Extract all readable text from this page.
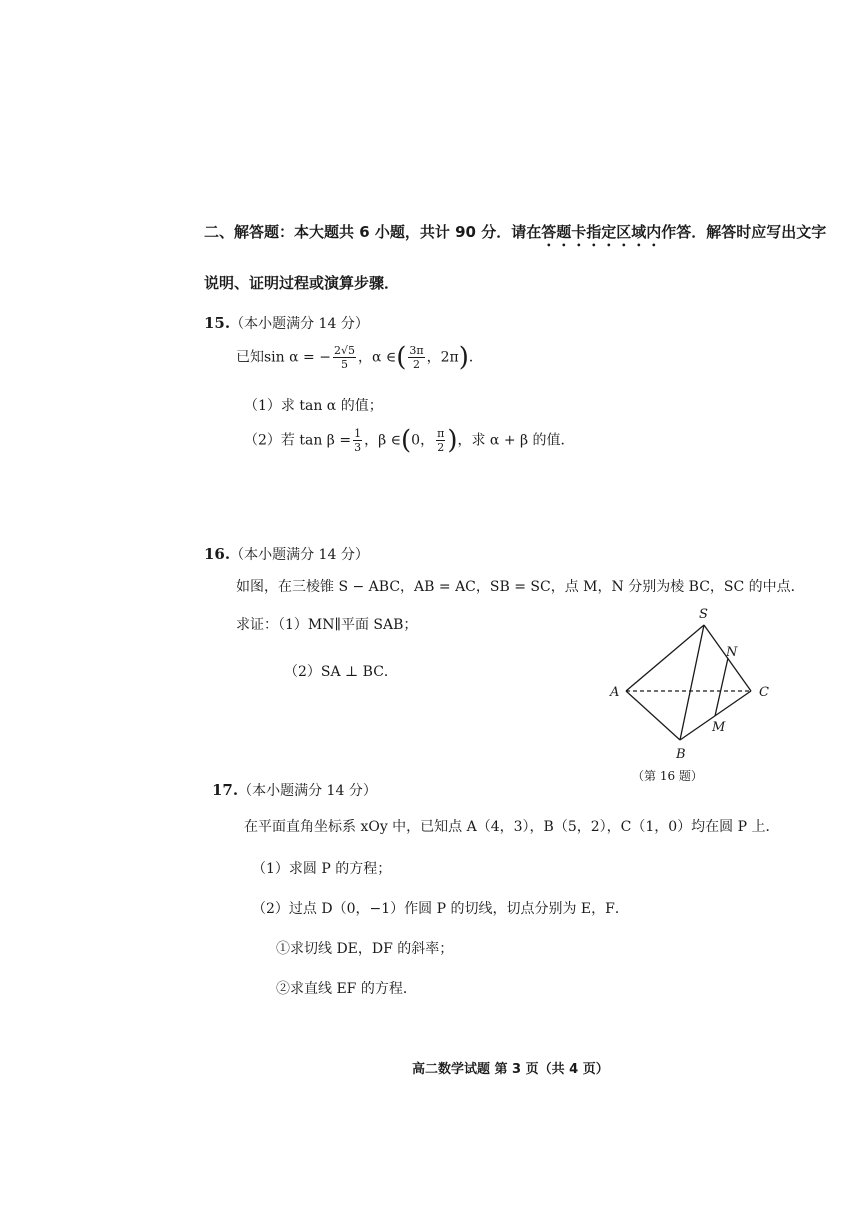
二、解答题：本大题共 6 小题，共计 90 分．请在答题卡指定区域内作答．解答时应写出文字
说明、证明过程或演算步骤．
15.（本小题满分 14 分）
已知sin α = − $\frac{2√5}{5}$ ，α ∈( $\frac{3\pi}{2}$ ，2π)．
（1）求 tan α 的值；
（2）若 $\tan \beta = \frac{1}{3}$ ，β ∈(0， $\frac{\pi}{2}$ )，求 α + β 的值．
16.（本小题满分 14 分）
如图，在三棱锥 S − ABC，AB = AC，SB = SC，点 M，N 分别为棱 BC，SC 的中点．
求证：（1）MN∥平面 SAB；
（2）SA ⊥ BC．
S
N
A	C
M
B
（第 16 题）
17.（本小题满分 14 分）
在平面直角坐标系 xOy 中，已知点 A（4，3），B（5，2），C（1，0）均在圆 P 上．
（1）求圆 P 的方程；
（2）过点 D（0，−1）作圆 P 的切线，切点分别为 E，F．
①求切线 DE，DF 的斜率；
②求直线 EF 的方程．
高二数学试题 第 3 页（共 4 页）
